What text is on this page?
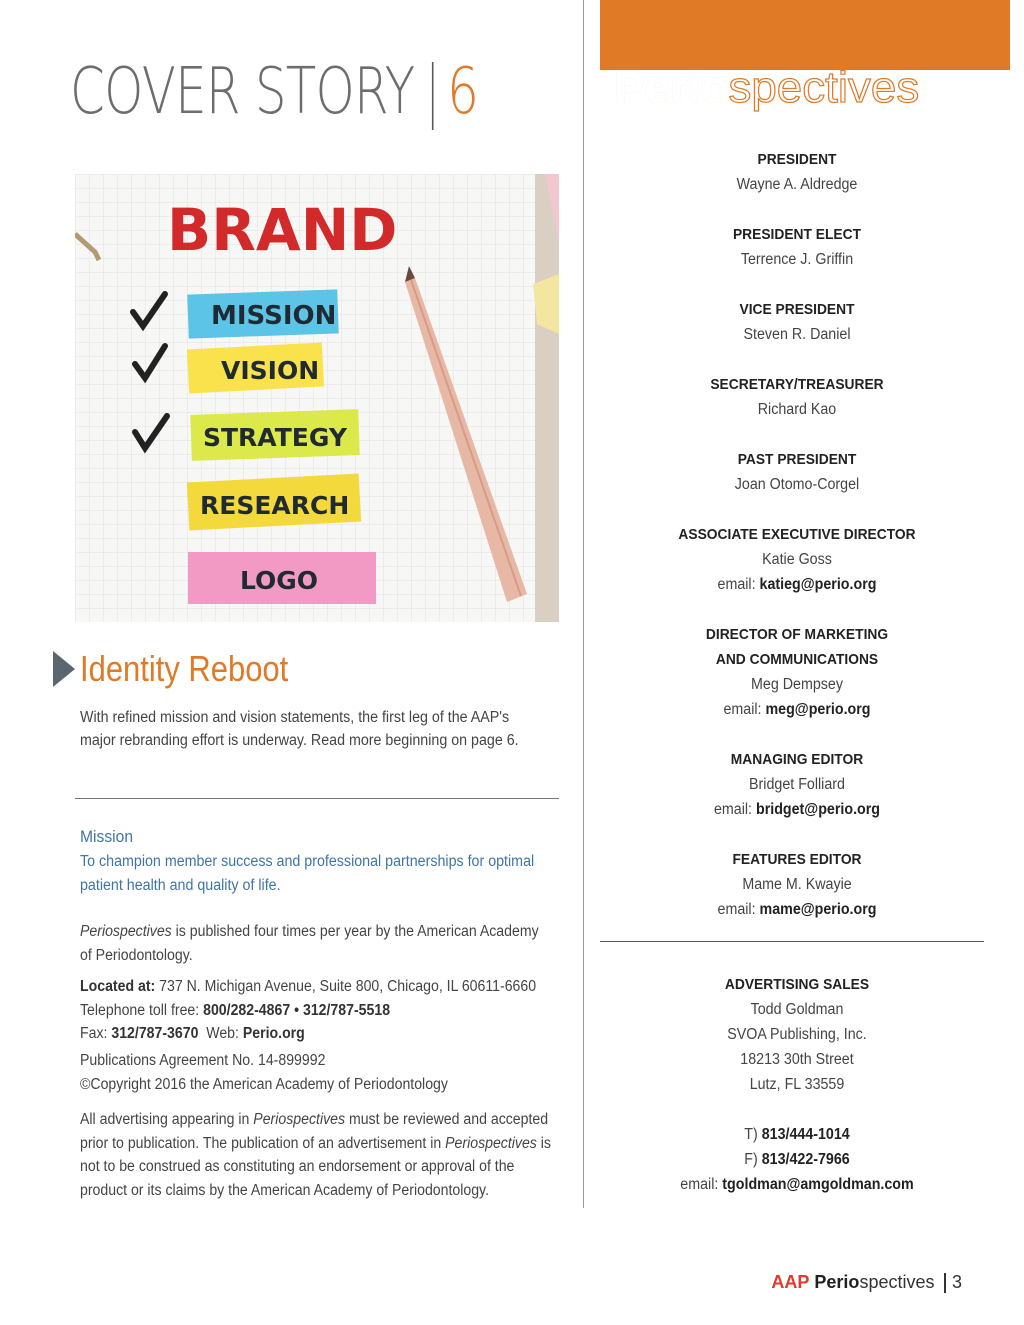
COVER STORY 6	Periospectives
BRAND
MISSION
VISION
STRATEGY
RESEARCH
LOGO
Identity Reboot
With refined mission and vision statements, the first leg of the AAP's major rebranding effort is underway. Read more beginning on page 6.
Mission
To champion member success and professional partnerships for optimal patient health and quality of life.
Periospectives is published four times per year by the American Academy of Periodontology.
Located at: 737 N. Michigan Avenue, Suite 800, Chicago, IL 60611-6660
Telephone toll free: 800/282-4867 • 312/787-5518
Fax: 312/787-3670 Web: Perio.org
Publications Agreement No. 14-899992
©Copyright 2016 the American Academy of Periodontology
All advertising appearing in Periospectives must be reviewed and accepted prior to publication. The publication of an advertisement in Periospectives is not to be construed as constituting an endorsement or approval of the product or its claims by the American Academy of Periodontology.
PRESIDENT
Wayne A. Aldredge
PRESIDENT ELECT
Terrence J. Griffin
VICE PRESIDENT
Steven R. Daniel
SECRETARY/TREASURER
Richard Kao
PAST PRESIDENT
Joan Otomo-Corgel
ASSOCIATE EXECUTIVE DIRECTOR
Katie Goss
email: katieg@perio.org
DIRECTOR OF MARKETING
AND COMMUNICATIONS
Meg Dempsey
email: meg@perio.org
MANAGING EDITOR
Bridget Folliard
email: bridget@perio.org
FEATURES EDITOR
Mame M. Kwayie
email: mame@perio.org
ADVERTISING SALES
Todd Goldman
SVOA Publishing, Inc.
18213 30th Street
Lutz, FL 33559
T) 813/444-1014
F) 813/422-7966
email: tgoldman@amgoldman.com
AAP Periospectives 3
